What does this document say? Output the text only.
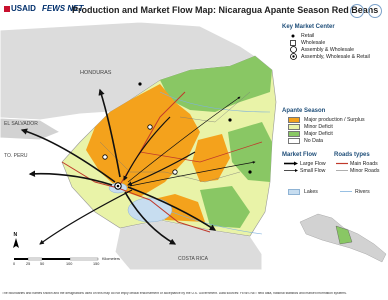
USAID FEWS NET
Production and Market Flow Map: Nicaragua Apante Season Red Beans
HONDURAS
EL SALVADOR
TO. PERU
COSTA RICA
N
0	25	50	100	150
Kilometers
Key Market Center
Retail
Wholesale
Assembly & Wholesale
Assembly, Wholesale & Retail
Apante Season
Major production / Surplus
Minor Deficit
Major Deficit
No Data
Market Flow
Large Flow
Small Flow
Roads types
Main Roads
Minor Roads
Lakes	Rivers
The boundaries and names shown and the designations used on this map do not imply official endorsement or acceptance by the U.S. Government. Data sources: FEWS NET field data, national statistics and market information systems.
